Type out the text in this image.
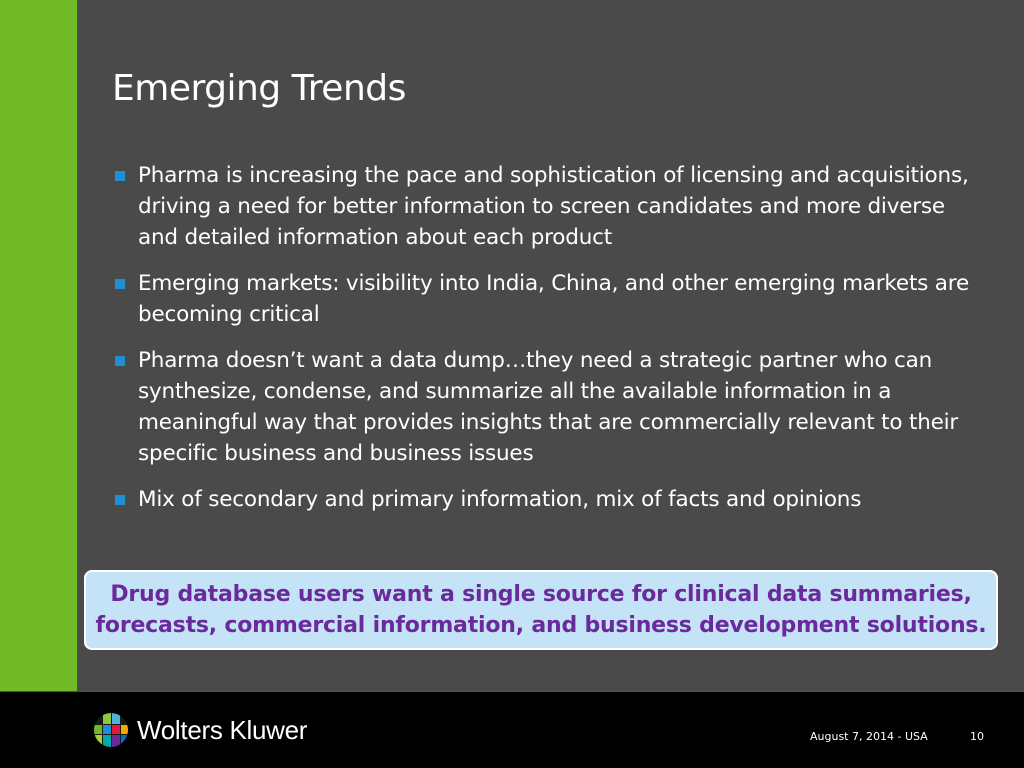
Emerging Trends
Pharma is increasing the pace and sophistication of licensing and acquisitions, driving a need for better information to screen candidates and more diverse and detailed information about each product
Emerging markets: visibility into India, China, and other emerging markets are becoming critical
Pharma doesn’t want a data dump…they need a strategic partner who can synthesize, condense, and summarize all the available information in a meaningful way that provides insights that are commercially relevant to their specific business and business issues
Mix of secondary and primary information, mix of facts and opinions
Drug database users want a single source for clinical data summaries, forecasts, commercial information, and business development solutions.
Wolters Kluwer	August 7, 2014 - USA	10
